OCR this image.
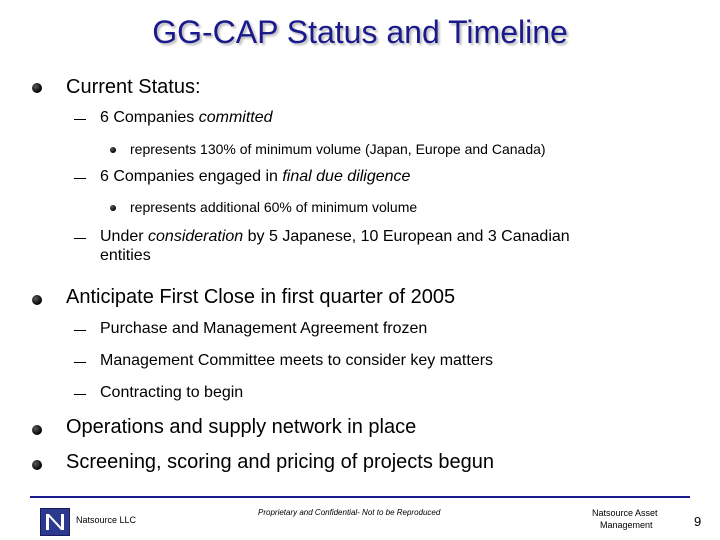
GG-CAP Status and Timeline
Current Status:
6 Companies committed
represents 130% of minimum volume (Japan, Europe and Canada)
6 Companies engaged in final due diligence
represents additional 60% of minimum volume
Under consideration by 5 Japanese, 10 European and 3 Canadian
entities
Anticipate First Close in first quarter of 2005
Purchase and Management Agreement frozen
Management Committee meets to consider key matters
Contracting to begin
Operations and supply network in place
Screening, scoring and pricing of projects begun
Natsource LLC
Proprietary and Confidential- Not to be Reproduced	Natsource Asset
Management	9
